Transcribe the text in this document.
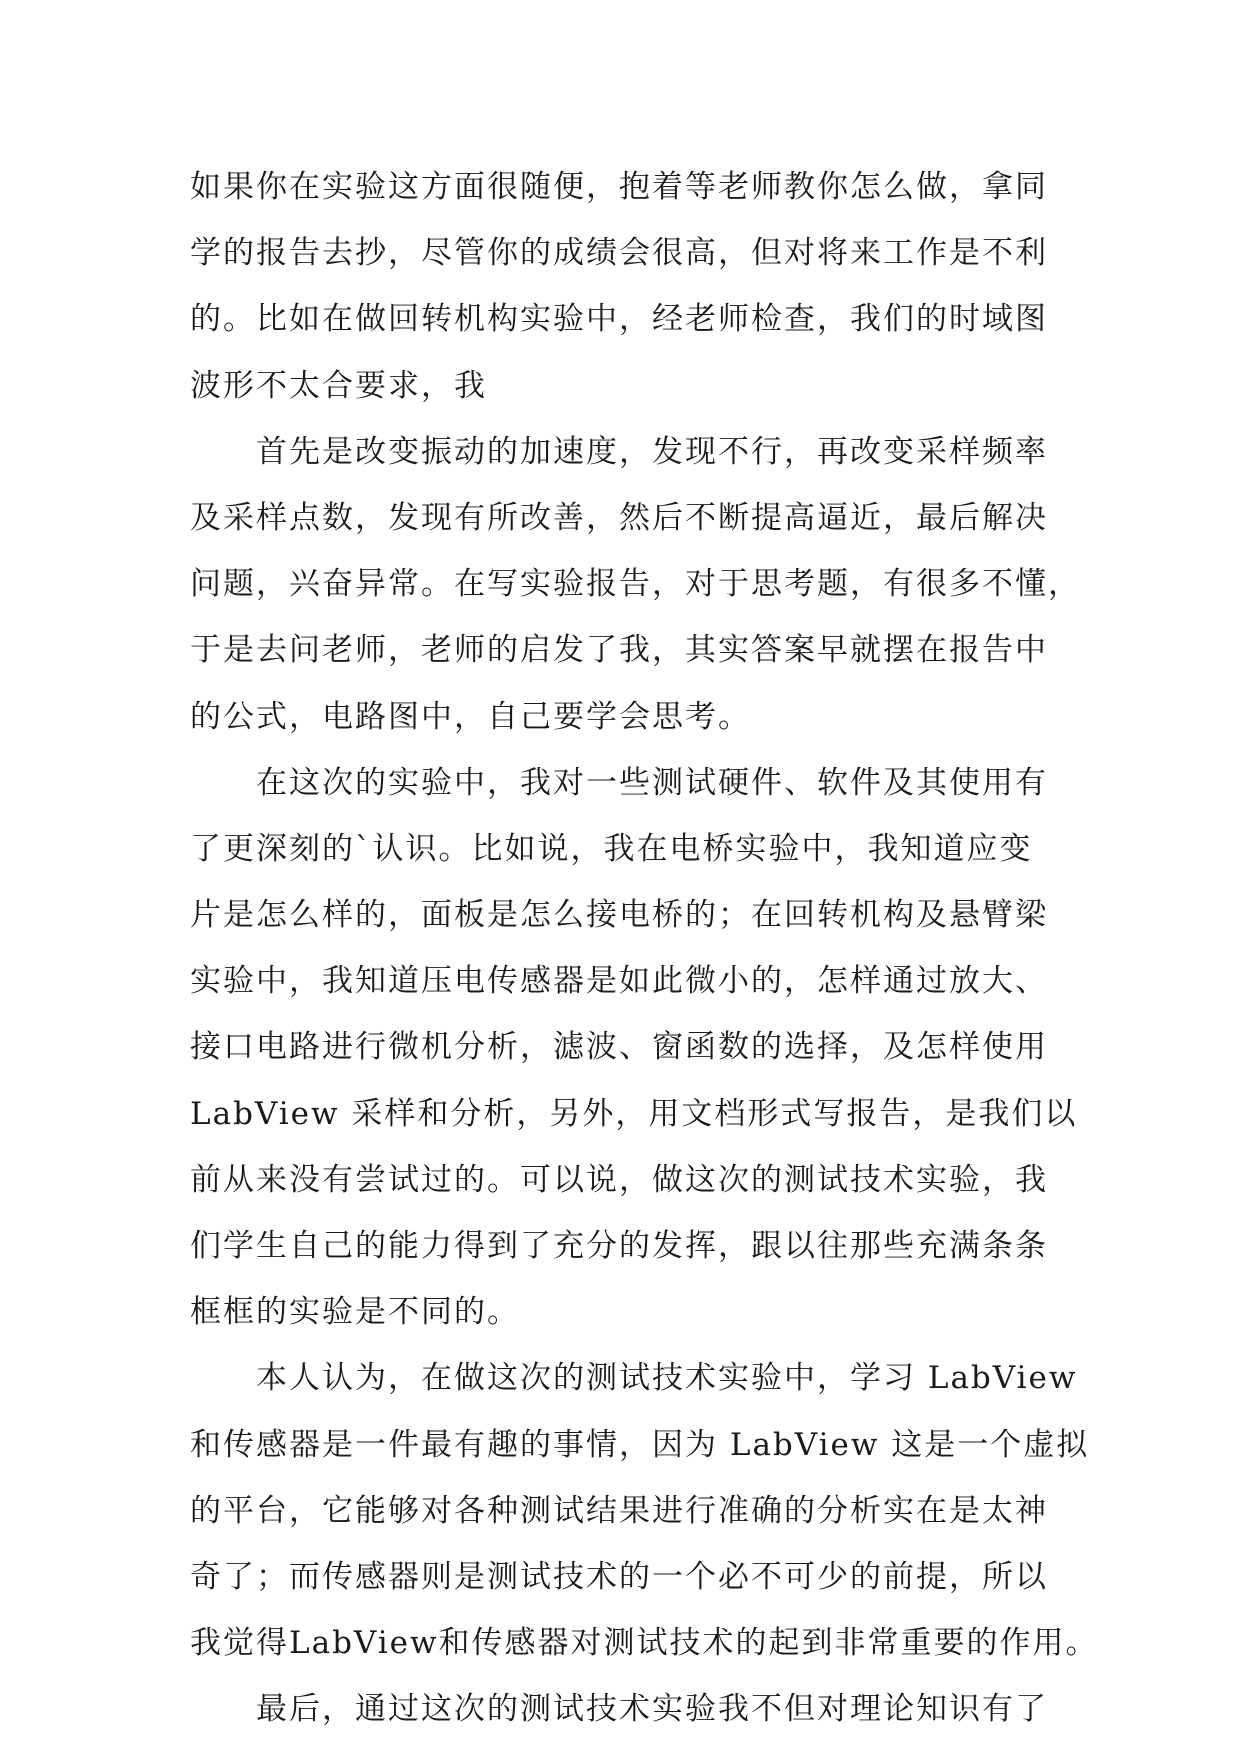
如果你在实验这方面很随便，抱着等老师教你怎么做，拿同
学的报告去抄，尽管你的成绩会很高，但对将来工作是不利
的。比如在做回转机构实验中，经老师检查，我们的时域图
波形不太合要求，我
首先是改变振动的加速度，发现不行，再改变采样频率
及采样点数，发现有所改善，然后不断提高逼近，最后解决
问题，兴奋异常。在写实验报告，对于思考题，有很多不懂，
于是去问老师，老师的启发了我，其实答案早就摆在报告中
的公式，电路图中，自己要学会思考。
在这次的实验中，我对一些测试硬件、软件及其使用有
了更深刻的`认识。比如说，我在电桥实验中，我知道应变
片是怎么样的，面板是怎么接电桥的；在回转机构及悬臂梁
实验中，我知道压电传感器是如此微小的，怎样通过放大、
接口电路进行微机分析，滤波、窗函数的选择，及怎样使用
LabView 采样和分析，另外，用文档形式写报告，是我们以
前从来没有尝试过的。可以说，做这次的测试技术实验，我
们学生自己的能力得到了充分的发挥，跟以往那些充满条条
框框的实验是不同的。
本人认为，在做这次的测试技术实验中，学习 LabView
和传感器是一件最有趣的事情，因为 LabView 这是一个虚拟
的平台，它能够对各种测试结果进行准确的分析实在是太神
奇了；而传感器则是测试技术的一个必不可少的前提，所以
我觉得LabView和传感器对测试技术的起到非常重要的作用。
最后，通过这次的测试技术实验我不但对理论知识有了
